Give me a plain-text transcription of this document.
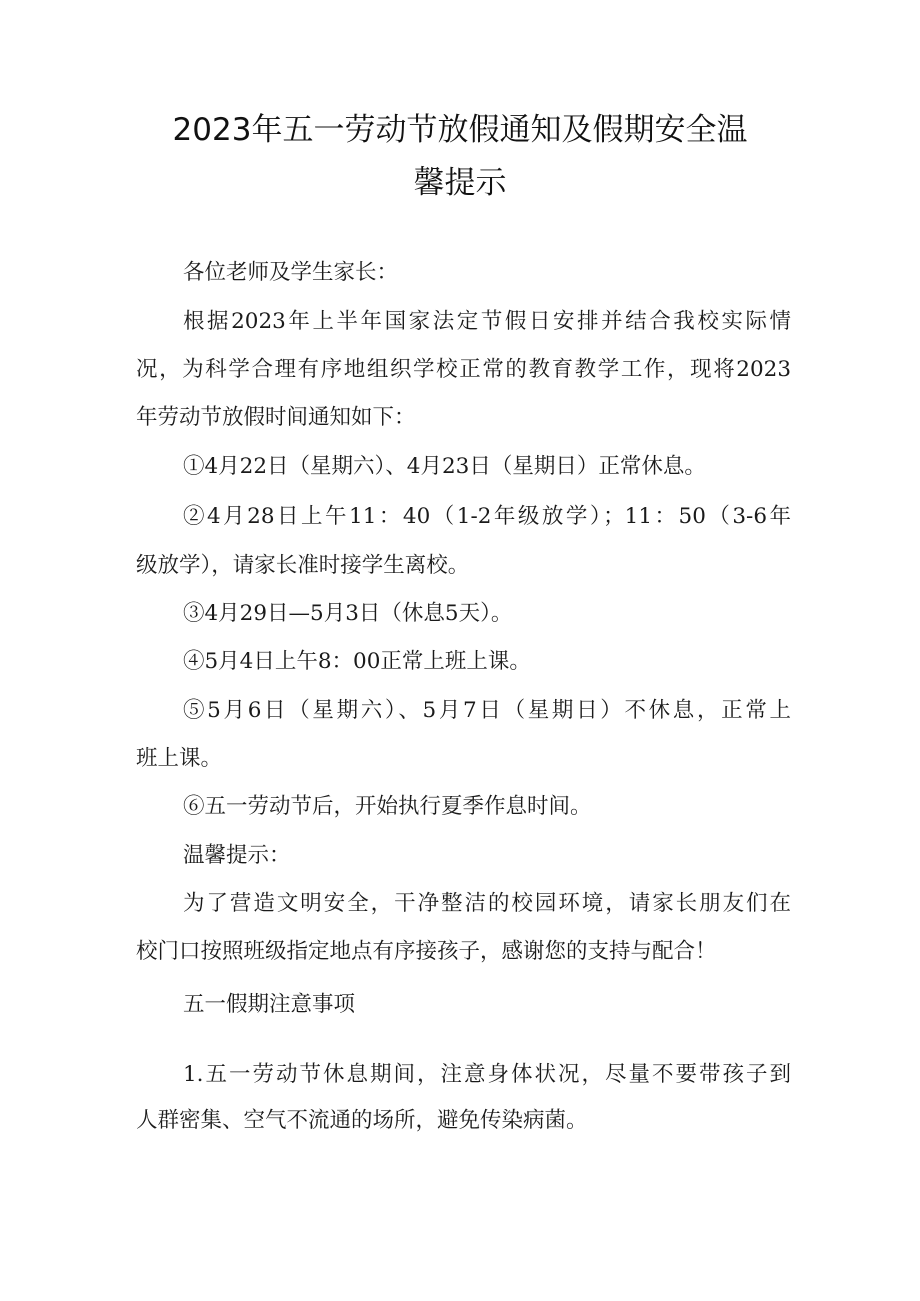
2023年五一劳动节放假通知及假期安全温
馨提示
各位老师及学生家长：
根据2023年上半年国家法定节假日安排并结合我校实际情
况，为科学合理有序地组织学校正常的教育教学工作，现将2023
年劳动节放假时间通知如下：
①4月22日（星期六）、4月23日（星期日）正常休息。
②4月28日上午11：40（1-2年级放学）；11：50（3-6年
级放学），请家长准时接学生离校。
③4月29日—5月3日（休息5天）。
④5月4日上午8：00正常上班上课。
⑤5月6日（星期六）、5月7日（星期日）不休息，正常上
班上课。
⑥五一劳动节后，开始执行夏季作息时间。
温馨提示：
为了营造文明安全，干净整洁的校园环境，请家长朋友们在
校门口按照班级指定地点有序接孩子，感谢您的支持与配合！
五一假期注意事项
1.五一劳动节休息期间，注意身体状况，尽量不要带孩子到
人群密集、空气不流通的场所，避免传染病菌。
